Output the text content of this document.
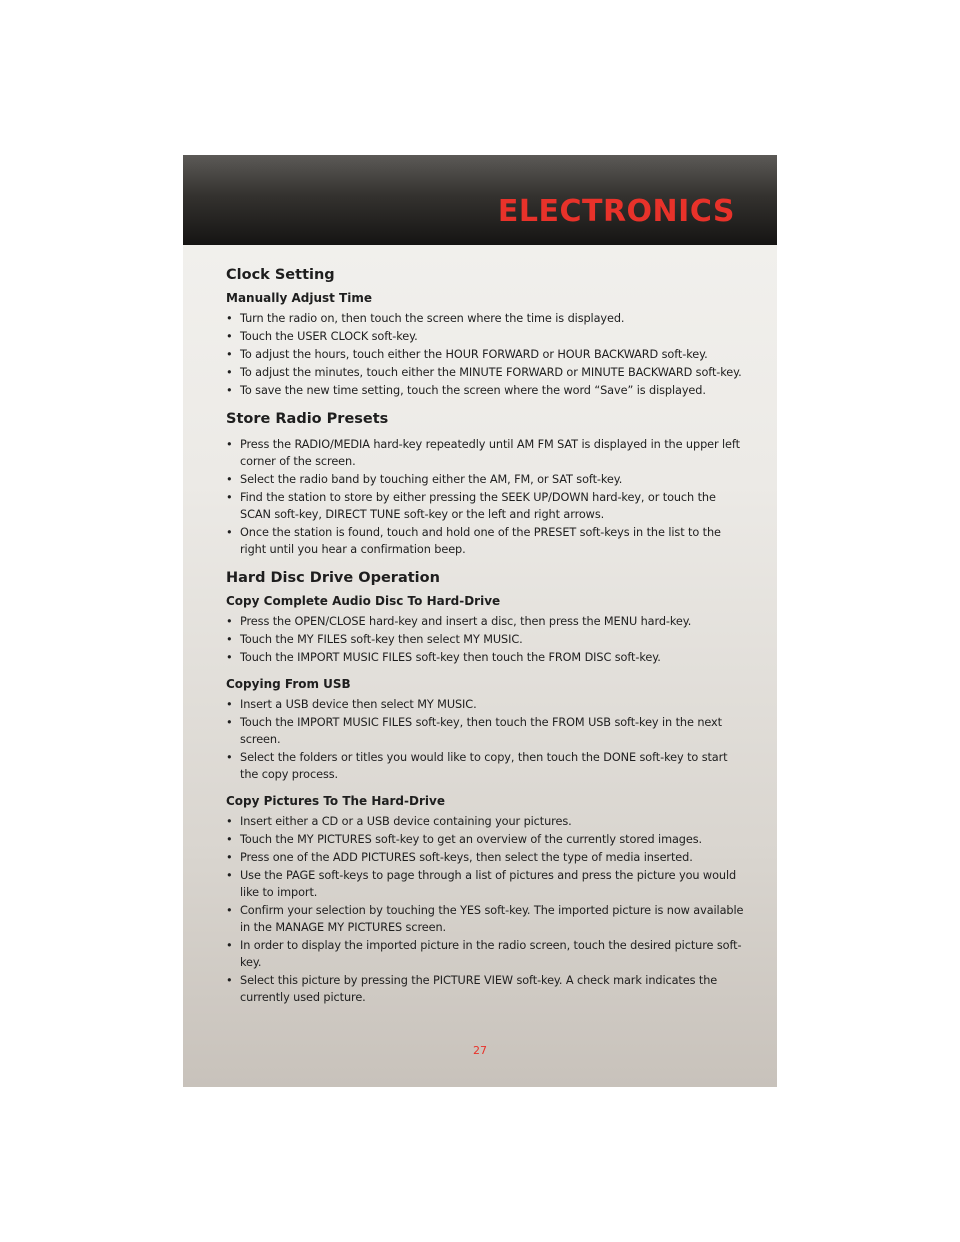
ELECTRONICS
Clock Setting
Manually Adjust Time
• Turn the radio on, then touch the screen where the time is displayed.
• Touch the USER CLOCK soft-key.
• To adjust the hours, touch either the HOUR FORWARD or HOUR BACKWARD soft-key.
• To adjust the minutes, touch either the MINUTE FORWARD or MINUTE BACKWARD soft-key.
• To save the new time setting, touch the screen where the word “Save” is displayed.
Store Radio Presets
• Press the RADIO/MEDIA hard-key repeatedly until AM FM SAT is displayed in the upper left corner of the screen.
• Select the radio band by touching either the AM, FM, or SAT soft-key.
• Find the station to store by either pressing the SEEK UP/DOWN hard-key, or touch the SCAN soft-key, DIRECT TUNE soft-key or the left and right arrows.
• Once the station is found, touch and hold one of the PRESET soft-keys in the list to the right until you hear a confirmation beep.
Hard Disc Drive Operation
Copy Complete Audio Disc To Hard-Drive
• Press the OPEN/CLOSE hard-key and insert a disc, then press the MENU hard-key.
• Touch the MY FILES soft-key then select MY MUSIC.
• Touch the IMPORT MUSIC FILES soft-key then touch the FROM DISC soft-key.
Copying From USB
• Insert a USB device then select MY MUSIC.
• Touch the IMPORT MUSIC FILES soft-key, then touch the FROM USB soft-key in the next screen.
• Select the folders or titles you would like to copy, then touch the DONE soft-key to start the copy process.
Copy Pictures To The Hard-Drive
• Insert either a CD or a USB device containing your pictures.
• Touch the MY PICTURES soft-key to get an overview of the currently stored images.
• Press one of the ADD PICTURES soft-keys, then select the type of media inserted.
• Use the PAGE soft-keys to page through a list of pictures and press the picture you would like to import.
• Confirm your selection by touching the YES soft-key. The imported picture is now available in the MANAGE MY PICTURES screen.
• In order to display the imported picture in the radio screen, touch the desired picture soft-key.
• Select this picture by pressing the PICTURE VIEW soft-key. A check mark indicates the currently used picture.
27
